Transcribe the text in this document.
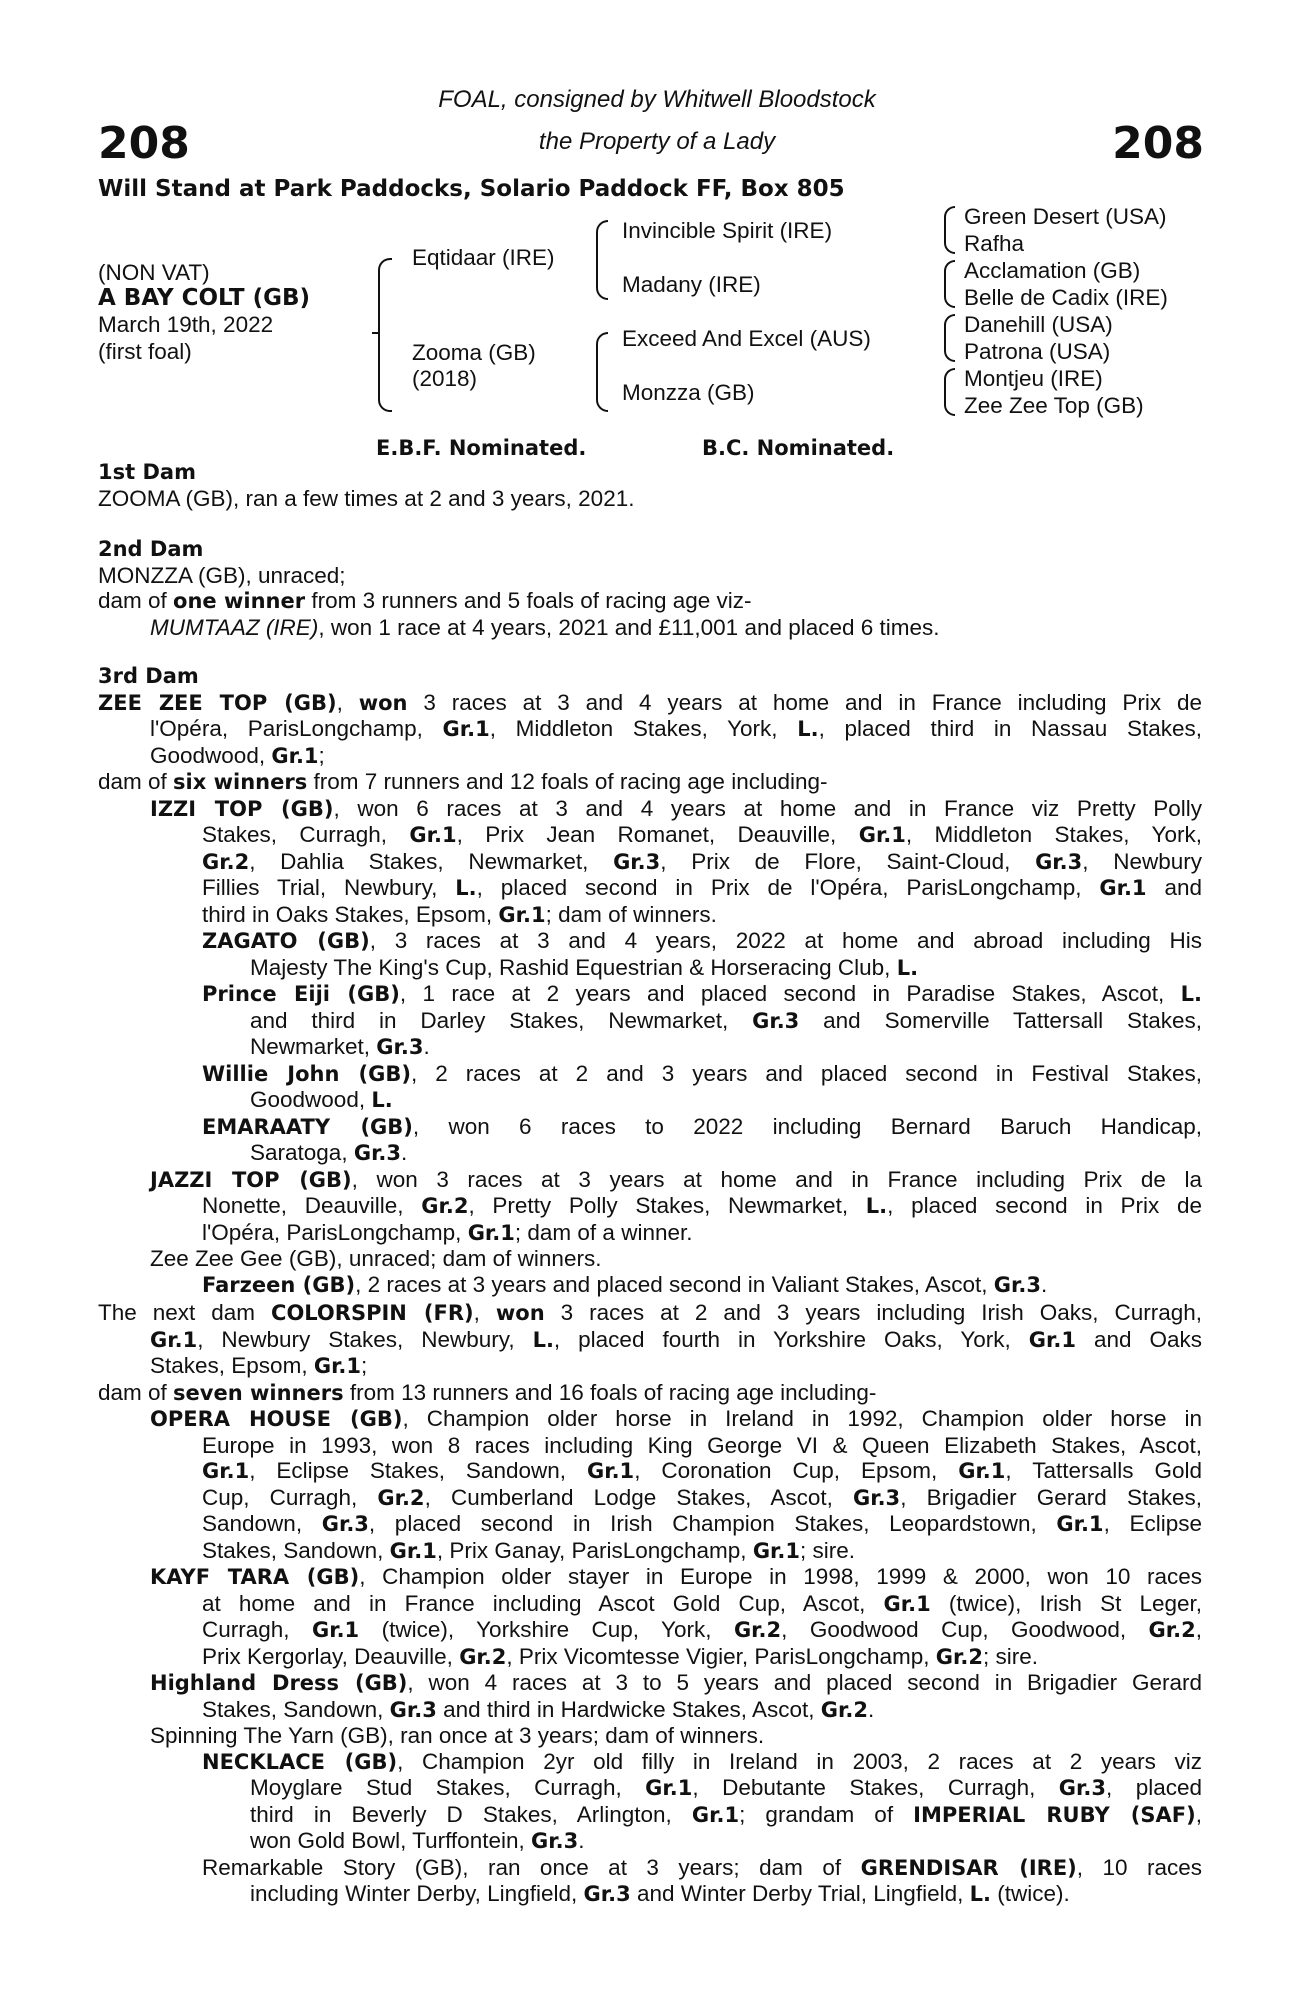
208	208
FOAL, consigned by Whitwell Bloodstock
the Property of a Lady
Will Stand at Park Paddocks, Solario Paddock FF, Box 805
(NON VAT)
A BAY COLT (GB)
March 19th, 2022
(first foal)
Eqtidaar (IRE)
Zooma (GB)
(2018)
Invincible Spirit (IRE)
Madany (IRE)
Exceed And Excel (AUS)
Monzza (GB)
Green Desert (USA)
Rafha
Acclamation (GB)
Belle de Cadix (IRE)
Danehill (USA)
Patrona (USA)
Montjeu (IRE)
Zee Zee Top (GB)
E.B.F. Nominated.	B.C. Nominated.
1st Dam
ZOOMA (GB), ran a few times at 2 and 3 years, 2021.
2nd Dam
MONZZA (GB), unraced;
dam of one winner from 3 runners and 5 foals of racing age viz-
MUMTAAZ (IRE), won 1 race at 4 years, 2021 and £11,001 and placed 6 times.
3rd Dam
ZEE ZEE TOP (GB), won 3 races at 3 and 4 years at home and in France including Prix de
l'Opéra, ParisLongchamp, Gr.1, Middleton Stakes, York, L., placed third in Nassau Stakes,
Goodwood, Gr.1;
dam of six winners from 7 runners and 12 foals of racing age including-
IZZI TOP (GB), won 6 races at 3 and 4 years at home and in France viz Pretty Polly
Stakes, Curragh, Gr.1, Prix Jean Romanet, Deauville, Gr.1, Middleton Stakes, York,
Gr.2, Dahlia Stakes, Newmarket, Gr.3, Prix de Flore, Saint-Cloud, Gr.3, Newbury
Fillies Trial, Newbury, L., placed second in Prix de l'Opéra, ParisLongchamp, Gr.1 and
third in Oaks Stakes, Epsom, Gr.1; dam of winners.
ZAGATO (GB), 3 races at 3 and 4 years, 2022 at home and abroad including His
Majesty The King's Cup, Rashid Equestrian & Horseracing Club, L.
Prince Eiji (GB), 1 race at 2 years and placed second in Paradise Stakes, Ascot, L.
and third in Darley Stakes, Newmarket, Gr.3 and Somerville Tattersall Stakes,
Newmarket, Gr.3.
Willie John (GB), 2 races at 2 and 3 years and placed second in Festival Stakes,
Goodwood, L.
EMARAATY (GB), won 6 races to 2022 including Bernard Baruch Handicap,
Saratoga, Gr.3.
JAZZI TOP (GB), won 3 races at 3 years at home and in France including Prix de la
Nonette, Deauville, Gr.2, Pretty Polly Stakes, Newmarket, L., placed second in Prix de
l'Opéra, ParisLongchamp, Gr.1; dam of a winner.
Zee Zee Gee (GB), unraced; dam of winners.
Farzeen (GB), 2 races at 3 years and placed second in Valiant Stakes, Ascot, Gr.3.
The next dam COLORSPIN (FR), won 3 races at 2 and 3 years including Irish Oaks, Curragh,
Gr.1, Newbury Stakes, Newbury, L., placed fourth in Yorkshire Oaks, York, Gr.1 and Oaks
Stakes, Epsom, Gr.1;
dam of seven winners from 13 runners and 16 foals of racing age including-
OPERA HOUSE (GB), Champion older horse in Ireland in 1992, Champion older horse in
Europe in 1993, won 8 races including King George VI & Queen Elizabeth Stakes, Ascot,
Gr.1, Eclipse Stakes, Sandown, Gr.1, Coronation Cup, Epsom, Gr.1, Tattersalls Gold
Cup, Curragh, Gr.2, Cumberland Lodge Stakes, Ascot, Gr.3, Brigadier Gerard Stakes,
Sandown, Gr.3, placed second in Irish Champion Stakes, Leopardstown, Gr.1, Eclipse
Stakes, Sandown, Gr.1, Prix Ganay, ParisLongchamp, Gr.1; sire.
KAYF TARA (GB), Champion older stayer in Europe in 1998, 1999 & 2000, won 10 races
at home and in France including Ascot Gold Cup, Ascot, Gr.1 (twice), Irish St Leger,
Curragh, Gr.1 (twice), Yorkshire Cup, York, Gr.2, Goodwood Cup, Goodwood, Gr.2,
Prix Kergorlay, Deauville, Gr.2, Prix Vicomtesse Vigier, ParisLongchamp, Gr.2; sire.
Highland Dress (GB), won 4 races at 3 to 5 years and placed second in Brigadier Gerard
Stakes, Sandown, Gr.3 and third in Hardwicke Stakes, Ascot, Gr.2.
Spinning The Yarn (GB), ran once at 3 years; dam of winners.
NECKLACE (GB), Champion 2yr old filly in Ireland in 2003, 2 races at 2 years viz
Moyglare Stud Stakes, Curragh, Gr.1, Debutante Stakes, Curragh, Gr.3, placed
third in Beverly D Stakes, Arlington, Gr.1; grandam of IMPERIAL RUBY (SAF),
won Gold Bowl, Turffontein, Gr.3.
Remarkable Story (GB), ran once at 3 years; dam of GRENDISAR (IRE), 10 races
including Winter Derby, Lingfield, Gr.3 and Winter Derby Trial, Lingfield, L. (twice).
